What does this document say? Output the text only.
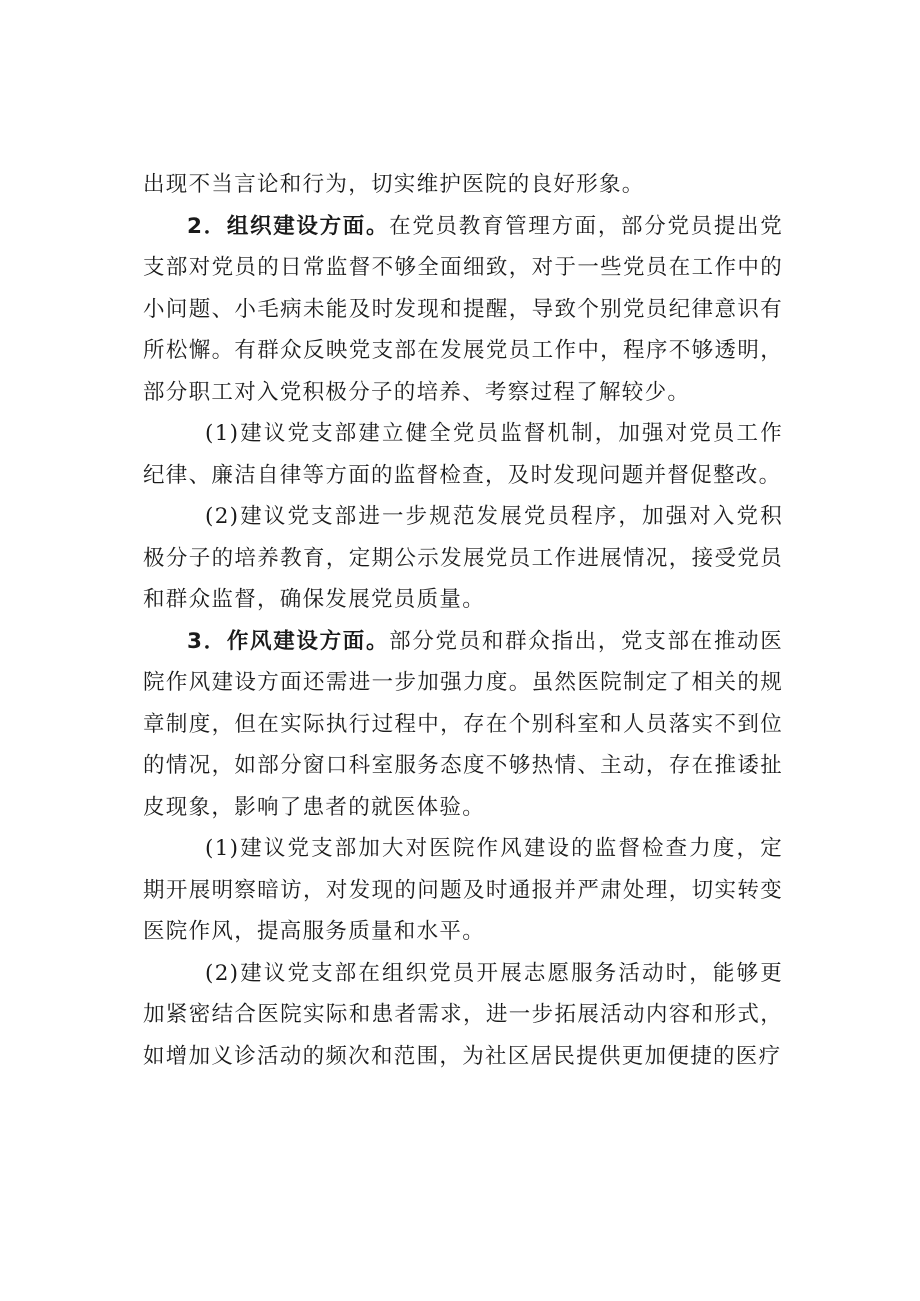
出现不当言论和行为，切实维护医院的良好形象。

2．组织建设方面。在党员教育管理方面，部分党员提出党支部对党员的日常监督不够全面细致，对于一些党员在工作中的小问题、小毛病未能及时发现和提醒，导致个别党员纪律意识有所松懈。有群众反映党支部在发展党员工作中，程序不够透明，部分职工对入党积极分子的培养、考察过程了解较少。

(1)建议党支部建立健全党员监督机制，加强对党员工作纪律、廉洁自律等方面的监督检查，及时发现问题并督促整改。

(2)建议党支部进一步规范发展党员程序，加强对入党积极分子的培养教育，定期公示发展党员工作进展情况，接受党员和群众监督，确保发展党员质量。

3．作风建设方面。部分党员和群众指出，党支部在推动医院作风建设方面还需进一步加强力度。虽然医院制定了相关的规章制度，但在实际执行过程中，存在个别科室和人员落实不到位的情况，如部分窗口科室服务态度不够热情、主动，存在推诿扯皮现象，影响了患者的就医体验。

(1)建议党支部加大对医院作风建设的监督检查力度，定期开展明察暗访，对发现的问题及时通报并严肃处理，切实转变医院作风，提高服务质量和水平。

(2)建议党支部在组织党员开展志愿服务活动时，能够更加紧密结合医院实际和患者需求，进一步拓展活动内容和形式，如增加义诊活动的频次和范围，为社区居民提供更加便捷的医疗
